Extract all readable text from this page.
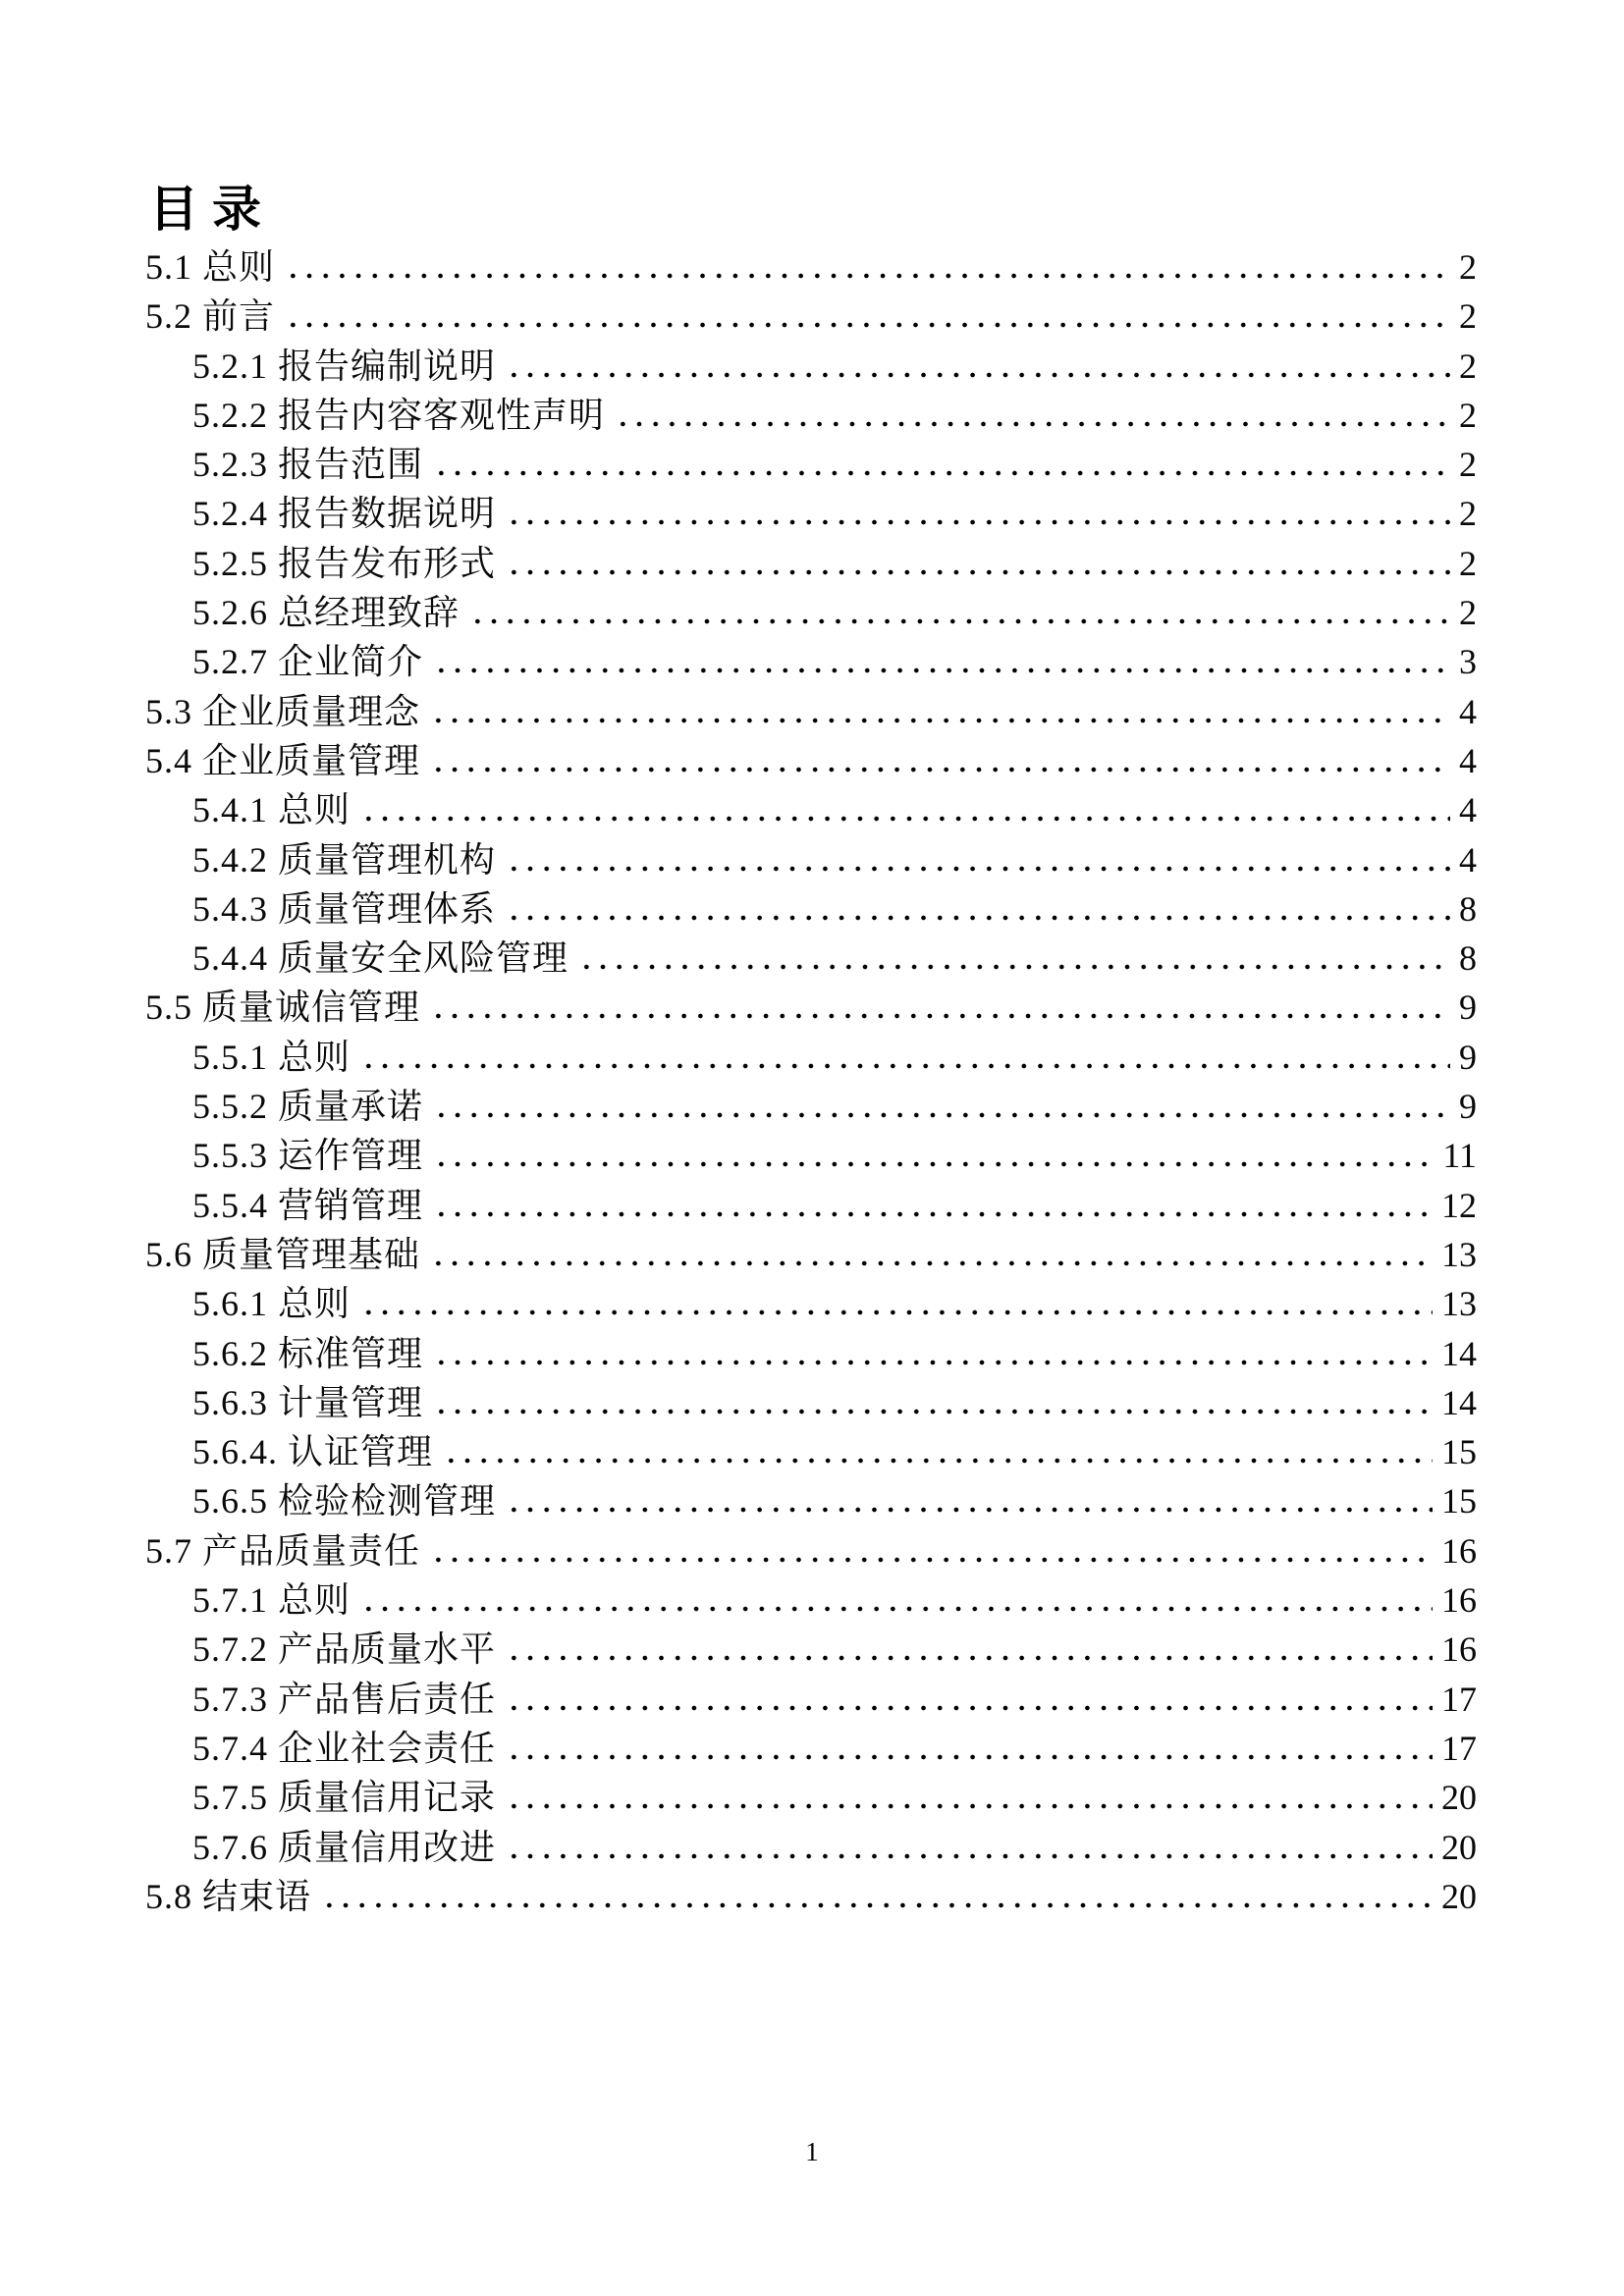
目录
5.1 总则	2
5.2 前言	2
5.2.1 报告编制说明	2
5.2.2 报告内容客观性声明	2
5.2.3 报告范围	2
5.2.4 报告数据说明	2
5.2.5 报告发布形式	2
5.2.6 总经理致辞	2
5.2.7 企业简介	3
5.3 企业质量理念	4
5.4 企业质量管理	4
5.4.1 总则	4
5.4.2 质量管理机构	4
5.4.3 质量管理体系	8
5.4.4 质量安全风险管理	8
5.5 质量诚信管理	9
5.5.1 总则	9
5.5.2 质量承诺	9
5.5.3 运作管理	11
5.5.4 营销管理	12
5.6 质量管理基础	13
5.6.1 总则	13
5.6.2 标准管理	14
5.6.3 计量管理	14
5.6.4. 认证管理	15
5.6.5 检验检测管理	15
5.7 产品质量责任	16
5.7.1 总则	16
5.7.2 产品质量水平	16
5.7.3 产品售后责任	17
5.7.4 企业社会责任	17
5.7.5 质量信用记录	20
5.7.6 质量信用改进	20
5.8 结束语	20
1
